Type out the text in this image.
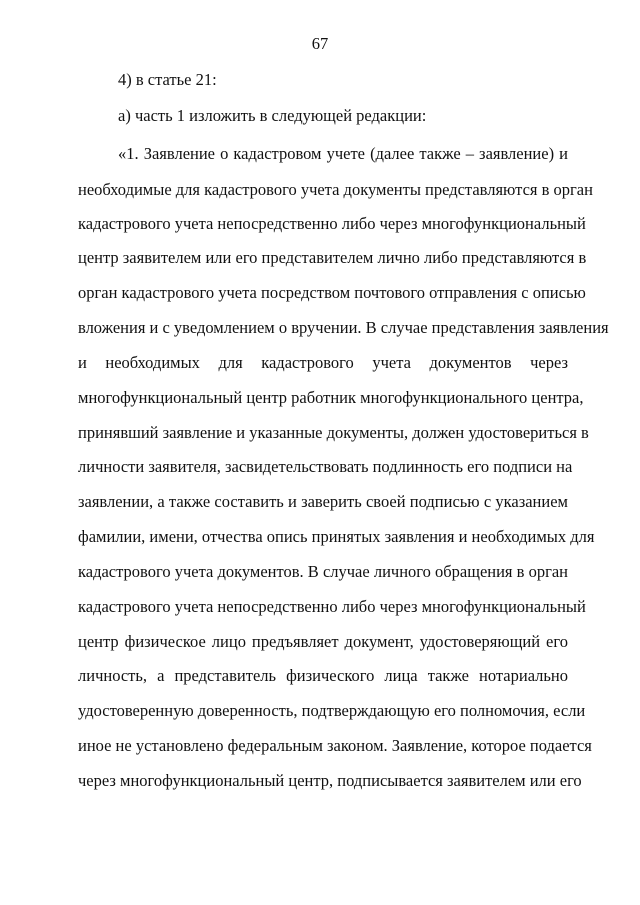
67
4) в статье 21:
а) часть 1 изложить в следующей редакции:
«1. Заявление о кадастровом учете (далее также – заявление) и
необходимые для кадастрового учета документы представляются в орган
кадастрового учета непосредственно либо через многофункциональный
центр заявителем или его представителем лично либо представляются в
орган кадастрового учета посредством почтового отправления с описью
вложения и с уведомлением о вручении. В случае представления заявления
и необходимых для кадастрового учета документов через
многофункциональный центр работник многофункционального центра,
принявший заявление и указанные документы, должен удостовериться в
личности заявителя, засвидетельствовать подлинность его подписи на
заявлении, а также составить и заверить своей подписью с указанием
фамилии, имени, отчества опись принятых заявления и необходимых для
кадастрового учета документов. В случае личного обращения в орган
кадастрового учета непосредственно либо через многофункциональный
центр физическое лицо предъявляет документ, удостоверяющий его
личность, а представитель физического лица также нотариально
удостоверенную доверенность, подтверждающую его полномочия, если
иное не установлено федеральным законом. Заявление, которое подается
через многофункциональный центр, подписывается заявителем или его
